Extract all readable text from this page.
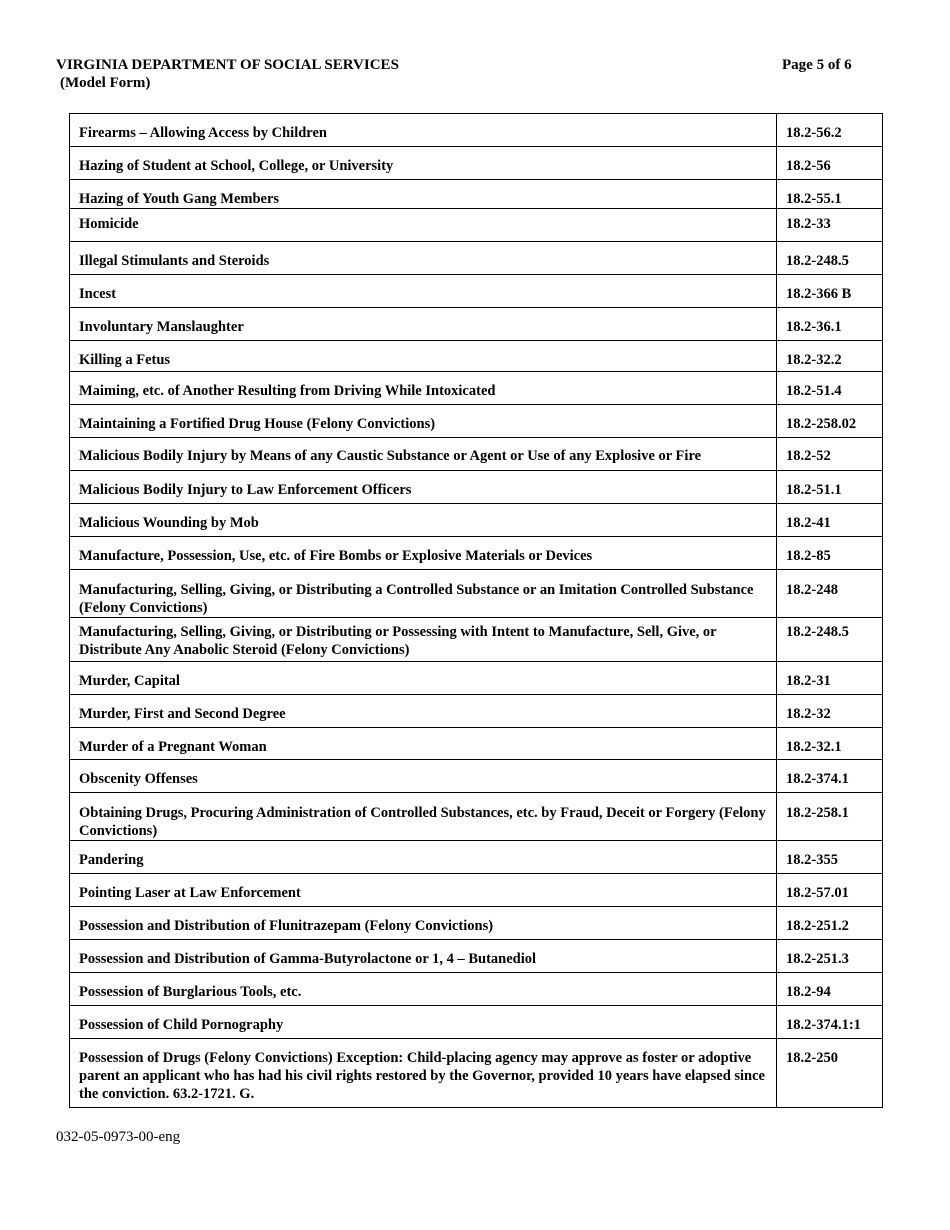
VIRGINIA DEPARTMENT OF SOCIAL SERVICES
(Model Form)
Page 5 of 6
Firearms – Allowing Access by Children	18.2-56.2
Hazing of Student at School, College, or University	18.2-56
Hazing of Youth Gang Members	18.2-55.1
Homicide	18.2-33
Illegal Stimulants and Steroids	18.2-248.5
Incest	18.2-366 B
Involuntary Manslaughter	18.2-36.1
Killing a Fetus	18.2-32.2
Maiming, etc. of Another Resulting from Driving While Intoxicated	18.2-51.4
Maintaining a Fortified Drug House (Felony Convictions)	18.2-258.02
Malicious Bodily Injury by Means of any Caustic Substance or Agent or Use of any Explosive or Fire	18.2-52
Malicious Bodily Injury to Law Enforcement Officers	18.2-51.1
Malicious Wounding by Mob	18.2-41
Manufacture, Possession, Use, etc. of Fire Bombs or Explosive Materials or Devices	18.2-85
Manufacturing, Selling, Giving, or Distributing a Controlled Substance or an Imitation Controlled Substance (Felony Convictions)	18.2-248
Manufacturing, Selling, Giving, or Distributing or Possessing with Intent to Manufacture, Sell, Give, or Distribute Any Anabolic Steroid (Felony Convictions)	18.2-248.5
Murder, Capital	18.2-31
Murder, First and Second Degree	18.2-32
Murder of a Pregnant Woman	18.2-32.1
Obscenity Offenses	18.2-374.1
Obtaining Drugs, Procuring Administration of Controlled Substances, etc. by Fraud, Deceit or Forgery (Felony Convictions)	18.2-258.1
Pandering	18.2-355
Pointing Laser at Law Enforcement	18.2-57.01
Possession and Distribution of Flunitrazepam (Felony Convictions)	18.2-251.2
Possession and Distribution of Gamma-Butyrolactone or 1, 4 – Butanediol	18.2-251.3
Possession of Burglarious Tools, etc.	18.2-94
Possession of Child Pornography	18.2-374.1:1
Possession of Drugs (Felony Convictions) Exception: Child-placing agency may approve as foster or adoptive parent an applicant who has had his civil rights restored by the Governor, provided 10 years have elapsed since the conviction. 63.2-1721. G.	18.2-250
032-05-0973-00-eng
